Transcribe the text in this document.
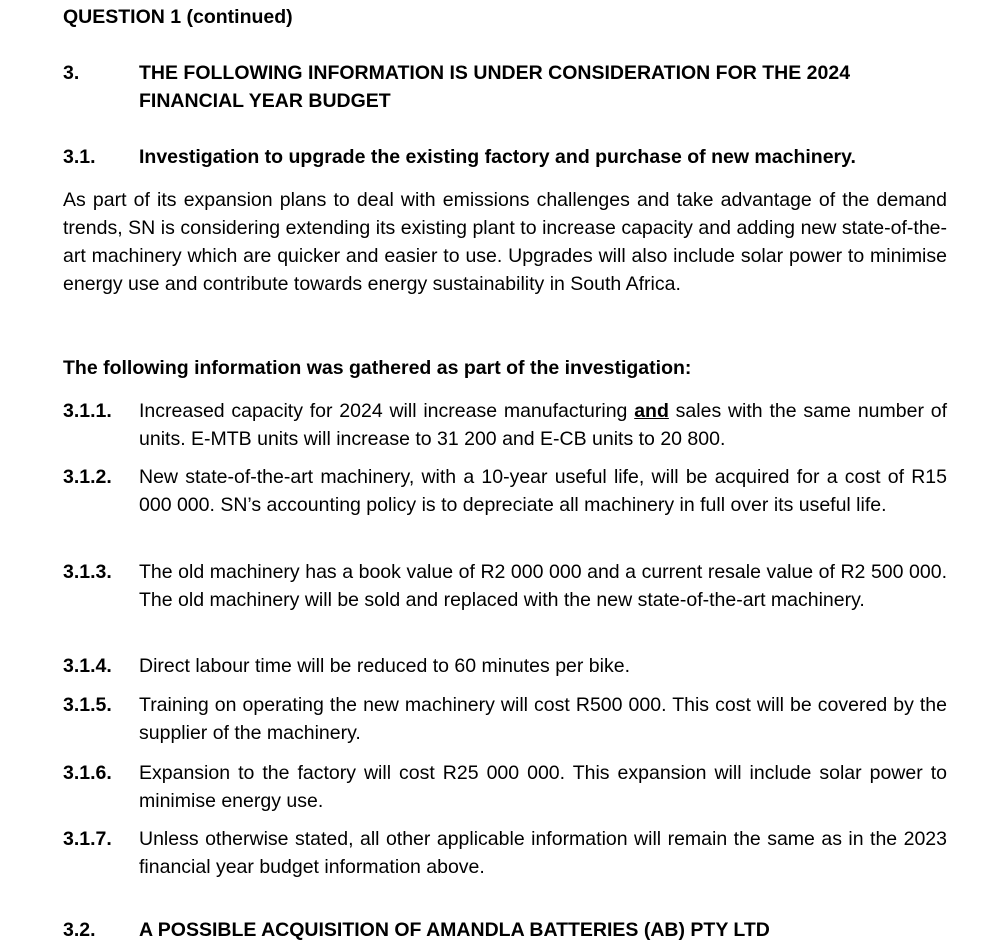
QUESTION 1 (continued)
3.	THE FOLLOWING INFORMATION IS UNDER CONSIDERATION FOR THE 2024 FINANCIAL YEAR BUDGET
3.1. Investigation to upgrade the existing factory and purchase of new machinery.
As part of its expansion plans to deal with emissions challenges and take advantage of the demand trends, SN is considering extending its existing plant to increase capacity and adding new state-of-the-art machinery which are quicker and easier to use. Upgrades will also include solar power to minimise energy use and contribute towards energy sustainability in South Africa.
The following information was gathered as part of the investigation:
3.1.1. Increased capacity for 2024 will increase manufacturing and sales with the same number of units. E-MTB units will increase to 31 200 and E-CB units to 20 800.
3.1.2. New state-of-the-art machinery, with a 10-year useful life, will be acquired for a cost of R15 000 000. SN’s accounting policy is to depreciate all machinery in full over its useful life.
3.1.3. The old machinery has a book value of R2 000 000 and a current resale value of R2 500 000. The old machinery will be sold and replaced with the new state-of-the-art machinery.
3.1.4. Direct labour time will be reduced to 60 minutes per bike.
3.1.5. Training on operating the new machinery will cost R500 000. This cost will be covered by the supplier of the machinery.
3.1.6. Expansion to the factory will cost R25 000 000. This expansion will include solar power to minimise energy use.
3.1.7. Unless otherwise stated, all other applicable information will remain the same as in the 2023 financial year budget information above.
3.2. A POSSIBLE ACQUISITION OF AMANDLA BATTERIES (AB) PTY LTD
